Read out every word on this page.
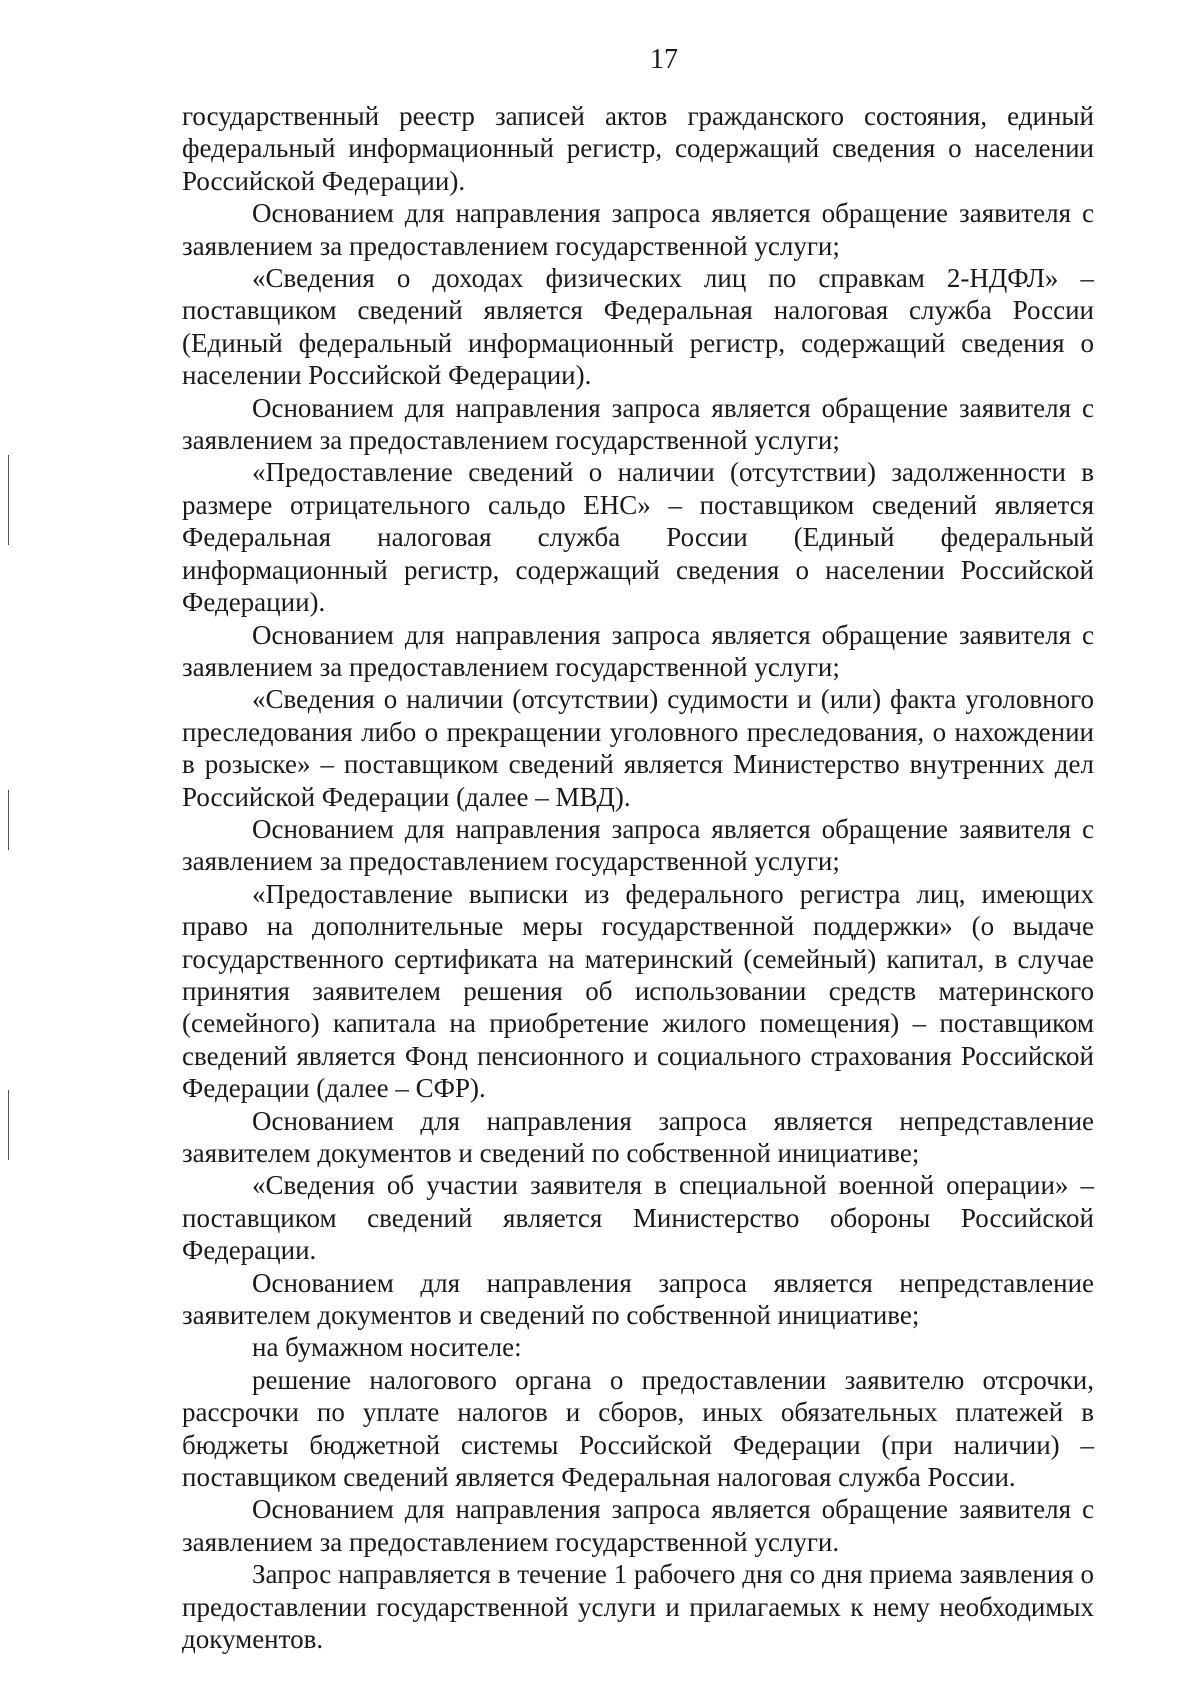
17

государственный реестр записей актов гражданского состояния, единый федеральный информационный регистр, содержащий сведения о населении Российской Федерации).

Основанием для направления запроса является обращение заявителя с заявлением за предоставлением государственной услуги;

«Сведения о доходах физических лиц по справкам 2-НДФЛ» – поставщиком сведений является Федеральная налоговая служба России (Единый федеральный информационный регистр, содержащий сведения о населении Российской Федерации).

Основанием для направления запроса является обращение заявителя с заявлением за предоставлением государственной услуги;

«Предоставление сведений о наличии (отсутствии) задолженности в размере отрицательного сальдо ЕНС» – поставщиком сведений является Федеральная налоговая служба России (Единый федеральный информационный регистр, содержащий сведения о населении Российской Федерации).

Основанием для направления запроса является обращение заявителя с заявлением за предоставлением государственной услуги;

«Сведения о наличии (отсутствии) судимости и (или) факта уголовного преследования либо о прекращении уголовного преследования, о нахождении в розыске» – поставщиком сведений является Министерство внутренних дел Российской Федерации (далее – МВД).

Основанием для направления запроса является обращение заявителя с заявлением за предоставлением государственной услуги;

«Предоставление выписки из федерального регистра лиц, имеющих право на дополнительные меры государственной поддержки» (о выдаче государственного сертификата на материнский (семейный) капитал, в случае принятия заявителем решения об использовании средств материнского (семейного) капитала на приобретение жилого помещения) – поставщиком сведений является Фонд пенсионного и социального страхования Российской Федерации (далее – СФР).

Основанием для направления запроса является непредставление заявителем документов и сведений по собственной инициативе;

«Сведения об участии заявителя в специальной военной операции» – поставщиком сведений является Министерство обороны Российской Федерации.

Основанием для направления запроса является непредставление заявителем документов и сведений по собственной инициативе;

на бумажном носителе:

решение налогового органа о предоставлении заявителю отсрочки, рассрочки по уплате налогов и сборов, иных обязательных платежей в бюджеты бюджетной системы Российской Федерации (при наличии) – поставщиком сведений является Федеральная налоговая служба России.

Основанием для направления запроса является обращение заявителя с заявлением за предоставлением государственной услуги.

Запрос направляется в течение 1 рабочего дня со дня приема заявления о предоставлении государственной услуги и прилагаемых к нему необходимых документов.
